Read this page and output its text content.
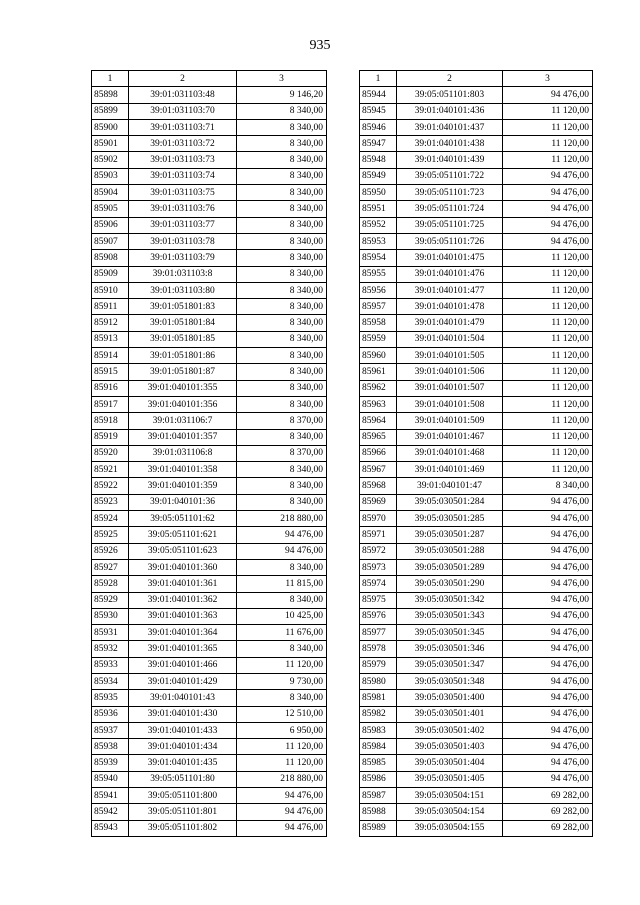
935
1	2	3
85898	39:01:031103:48	9 146,20
85899	39:01:031103:70	8 340,00
85900	39:01:031103:71	8 340,00
85901	39:01:031103:72	8 340,00
85902	39:01:031103:73	8 340,00
85903	39:01:031103:74	8 340,00
85904	39:01:031103:75	8 340,00
85905	39:01:031103:76	8 340,00
85906	39:01:031103:77	8 340,00
85907	39:01:031103:78	8 340,00
85908	39:01:031103:79	8 340,00
85909	39:01:031103:8	8 340,00
85910	39:01:031103:80	8 340,00
85911	39:01:051801:83	8 340,00
85912	39:01:051801:84	8 340,00
85913	39:01:051801:85	8 340,00
85914	39:01:051801:86	8 340,00
85915	39:01:051801:87	8 340,00
85916	39:01:040101:355	8 340,00
85917	39:01:040101:356	8 340,00
85918	39:01:031106:7	8 370,00
85919	39:01:040101:357	8 340,00
85920	39:01:031106:8	8 370,00
85921	39:01:040101:358	8 340,00
85922	39:01:040101:359	8 340,00
85923	39:01:040101:36	8 340,00
85924	39:05:051101:62	218 880,00
85925	39:05:051101:621	94 476,00
85926	39:05:051101:623	94 476,00
85927	39:01:040101:360	8 340,00
85928	39:01:040101:361	11 815,00
85929	39:01:040101:362	8 340,00
85930	39:01:040101:363	10 425,00
85931	39:01:040101:364	11 676,00
85932	39:01:040101:365	8 340,00
85933	39:01:040101:466	11 120,00
85934	39:01:040101:429	9 730,00
85935	39:01:040101:43	8 340,00
85936	39:01:040101:430	12 510,00
85937	39:01:040101:433	6 950,00
85938	39:01:040101:434	11 120,00
85939	39:01:040101:435	11 120,00
85940	39:05:051101:80	218 880,00
85941	39:05:051101:800	94 476,00
85942	39:05:051101:801	94 476,00
85943	39:05:051101:802	94 476,00
1	2	3
85944	39:05:051101:803	94 476,00
85945	39:01:040101:436	11 120,00
85946	39:01:040101:437	11 120,00
85947	39:01:040101:438	11 120,00
85948	39:01:040101:439	11 120,00
85949	39:05:051101:722	94 476,00
85950	39:05:051101:723	94 476,00
85951	39:05:051101:724	94 476,00
85952	39:05:051101:725	94 476,00
85953	39:05:051101:726	94 476,00
85954	39:01:040101:475	11 120,00
85955	39:01:040101:476	11 120,00
85956	39:01:040101:477	11 120,00
85957	39:01:040101:478	11 120,00
85958	39:01:040101:479	11 120,00
85959	39:01:040101:504	11 120,00
85960	39:01:040101:505	11 120,00
85961	39:01:040101:506	11 120,00
85962	39:01:040101:507	11 120,00
85963	39:01:040101:508	11 120,00
85964	39:01:040101:509	11 120,00
85965	39:01:040101:467	11 120,00
85966	39:01:040101:468	11 120,00
85967	39:01:040101:469	11 120,00
85968	39:01:040101:47	8 340,00
85969	39:05:030501:284	94 476,00
85970	39:05:030501:285	94 476,00
85971	39:05:030501:287	94 476,00
85972	39:05:030501:288	94 476,00
85973	39:05:030501:289	94 476,00
85974	39:05:030501:290	94 476,00
85975	39:05:030501:342	94 476,00
85976	39:05:030501:343	94 476,00
85977	39:05:030501:345	94 476,00
85978	39:05:030501:346	94 476,00
85979	39:05:030501:347	94 476,00
85980	39:05:030501:348	94 476,00
85981	39:05:030501:400	94 476,00
85982	39:05:030501:401	94 476,00
85983	39:05:030501:402	94 476,00
85984	39:05:030501:403	94 476,00
85985	39:05:030501:404	94 476,00
85986	39:05:030501:405	94 476,00
85987	39:05:030504:151	69 282,00
85988	39:05:030504:154	69 282,00
85989	39:05:030504:155	69 282,00
